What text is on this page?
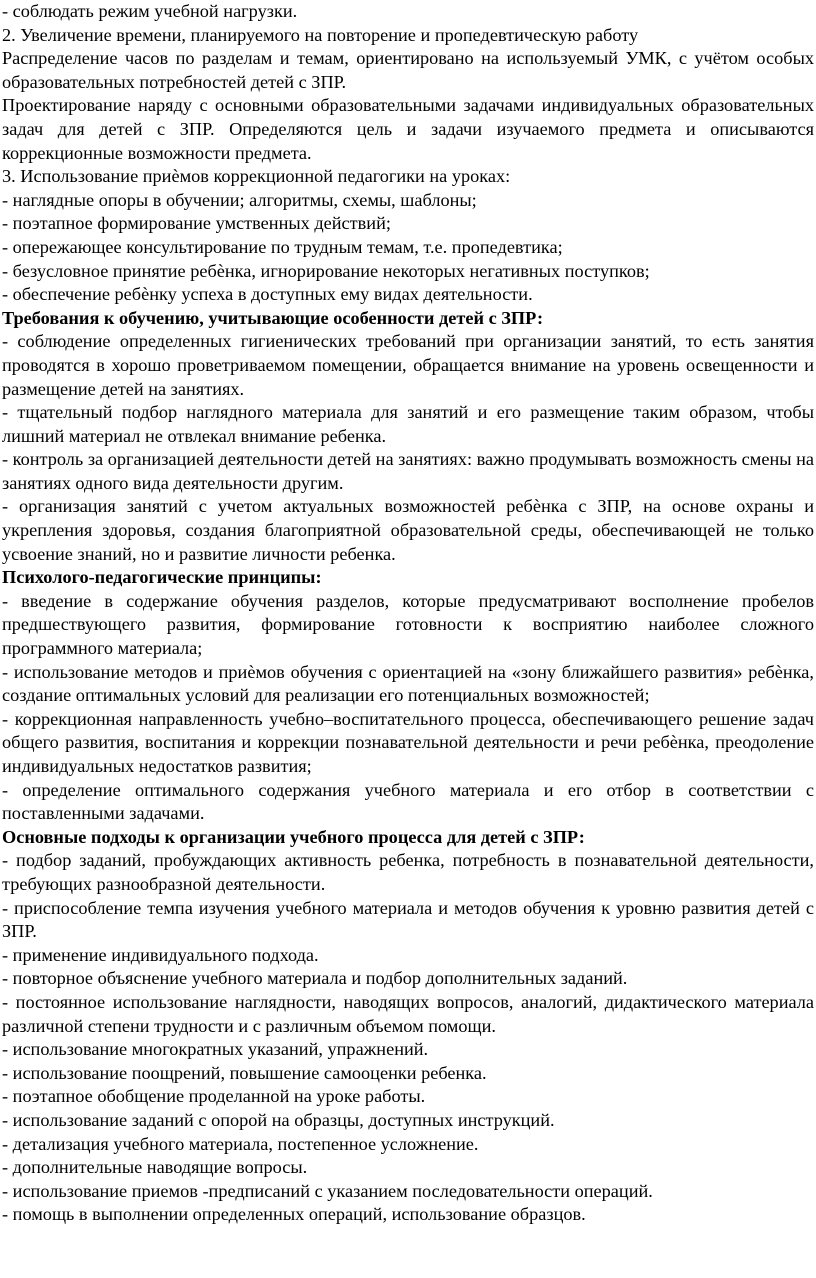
- соблюдать режим учебной нагрузки.

2. Увеличение времени, планируемого на повторение и пропедевтическую работу

Распределение часов по разделам и темам, ориентировано на используемый УМК, с учётом особых образовательных потребностей детей с ЗПР.

Проектирование наряду с основными образовательными задачами индивидуальных образовательных задач для детей с ЗПР. Определяются цель и задачи изучаемого предмета и описываются коррекционные возможности предмета.

3. Использование приѐмов коррекционной педагогики на уроках:

- наглядные опоры в обучении; алгоритмы, схемы, шаблоны;

- поэтапное формирование умственных действий;

- опережающее консультирование по трудным темам, т.е. пропедевтика;

- безусловное принятие ребѐнка, игнорирование некоторых негативных поступков;

- обеспечение ребѐнку успеха в доступных ему видах деятельности.

Требования к обучению, учитывающие особенности детей с ЗПР:

- соблюдение определенных гигиенических требований при организации занятий, то есть занятия проводятся в хорошо проветриваемом помещении, обращается внимание на уровень освещенности и размещение детей на занятиях.

- тщательный подбор наглядного материала для занятий и его размещение таким образом, чтобы лишний материал не отвлекал внимание ребенка.

- контроль за организацией деятельности детей на занятиях: важно продумывать возможность смены на занятиях одного вида деятельности другим.

- организация занятий с учетом актуальных возможностей ребѐнка с ЗПР, на основе охраны и укрепления здоровья, создания благоприятной образовательной среды, обеспечивающей не только усвоение знаний, но и развитие личности ребенка.

Психолого-педагогические принципы:

- введение в содержание обучения разделов, которые предусматривают восполнение пробелов предшествующего развития, формирование готовности к восприятию наиболее сложного программного материала;

- использование методов и приѐмов обучения с ориентацией на «зону ближайшего развития» ребѐнка, создание оптимальных условий для реализации его потенциальных возможностей;

- коррекционная направленность учебно–воспитательного процесса, обеспечивающего решение задач общего развития, воспитания и коррекции познавательной деятельности и речи ребѐнка, преодоление индивидуальных недостатков развития;

- определение оптимального содержания учебного материала и его отбор в соответствии с поставленными задачами.

Основные подходы к организации учебного процесса для детей с ЗПР:

- подбор заданий, пробуждающих активность ребенка, потребность в познавательной деятельности, требующих разнообразной деятельности.

- приспособление темпа изучения учебного материала и методов обучения к уровню развития детей с ЗПР.

- применение индивидуального подхода.

- повторное объяснение учебного материала и подбор дополнительных заданий.

- постоянное использование наглядности, наводящих вопросов, аналогий, дидактического материала различной степени трудности и с различным объемом помощи.

- использование многократных указаний, упражнений.

- использование поощрений, повышение самооценки ребенка.

- поэтапное обобщение проделанной на уроке работы.

- использование заданий с опорой на образцы, доступных инструкций.

- детализация учебного материала, постепенное усложнение.

- дополнительные наводящие вопросы.

- использование приемов -предписаний с указанием последовательности операций.

- помощь в выполнении определенных операций, использование образцов.
